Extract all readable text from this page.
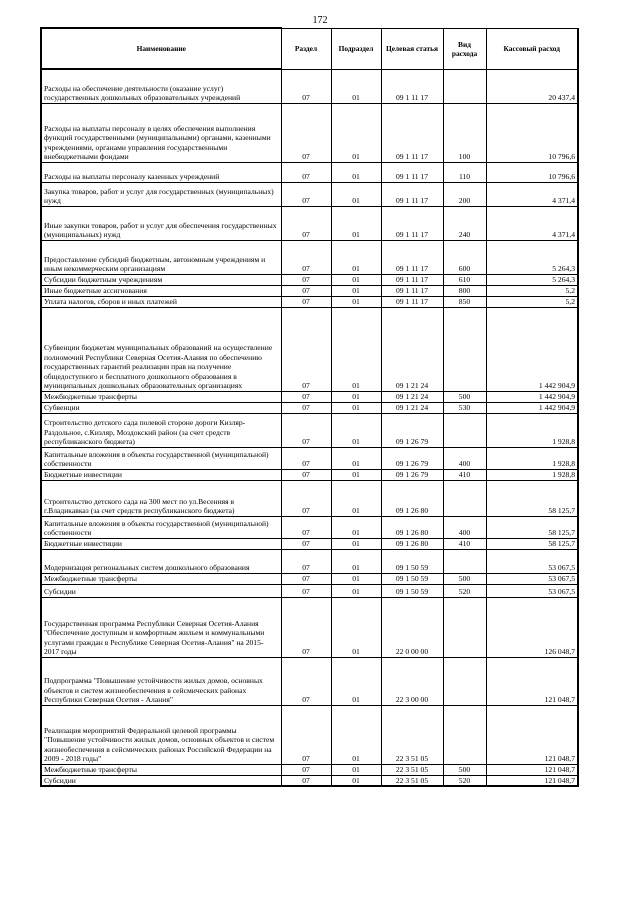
172
Наименование	Раздел	Подраздел	Целевая статья	Вид расхода	Кассовый расход
Расходы на обеспечение деятельности (оказание услуг) государственных дошкольных образовательных учреждений	07	01	09 1 11 17		20 437,4
Расходы на выплаты персоналу в целях обеспечения выполнения функций государственными (муниципальными) органами, казенными учреждениями, органами управления государственными внебюджетными фондами	07	01	09 1 11 17	100	10 796,6
Расходы на выплаты персоналу казенных учреждений	07	01	09 1 11 17	110	10 796,6
Закупка товаров, работ и услуг для государственных (муниципальных) нужд	07	01	09 1 11 17	200	4 371,4
Иные закупки товаров, работ и услуг для обеспечения государственных (муниципальных) нужд	07	01	09 1 11 17	240	4 371,4
Предоставление субсидий бюджетным, автономным учреждениям и иным некоммерческим организациям	07	01	09 1 11 17	600	5 264,3
Субсидии бюджетным учреждениям	07	01	09 1 11 17	610	5 264,3
Иные бюджетные ассигнования	07	01	09 1 11 17	800	5,2
Уплата налогов, сборов и иных платежей	07	01	09 1 11 17	850	5,2
Субвенции бюджетам муниципальных образований на осуществление полномочий Республики Северная Осетия-Алания по обеспечению государственных гарантий реализации прав на получение общедоступного и бесплатного дошкольного образования в муниципальных дошкольных образовательных организациях	07	01	09 1 21 24		1 442 904,9
Межбюджетные трансферты	07	01	09 1 21 24	500	1 442 904,9
Субвенции	07	01	09 1 21 24	530	1 442 904,9
Строительство детского сада полевой стороне дороги Кизляр-Раздольное, с.Кизляр, Моздокский район (за счет средств республиканского бюджета)	07	01	09 1 26 79		1 928,8
Капитальные вложения в объекты государственной (муниципальной) собственности	07	01	09 1 26 79	400	1 928,8
Бюджетные инвестиции	07	01	09 1 26 79	410	1 928,8
Строительство детского сада на 300 мест по ул.Весенняя в г.Владикавказ (за счет средств республиканского бюджета)	07	01	09 1 26 80		58 125,7
Капитальные вложения в объекты государственной (муниципальной) собственности	07	01	09 1 26 80	400	58 125,7
Бюджетные инвестиции	07	01	09 1 26 80	410	58 125,7
Модернизация региональных систем дошкольного образования	07	01	09 1 50 59		53 067,5
Межбюджетные трансферты	07	01	09 1 50 59	500	53 067,5
Субсидии	07	01	09 1 50 59	520	53 067,5
Государственная программа Республики Северная Осетия-Алания "Обеспечение доступным и комфортным жильем и коммунальными услугами граждан в Республике Северная Осетия-Алания" на 2015-2017 годы	07	01	22 0 00 00		126 048,7
Подпрограмма "Повышение устойчивости жилых домов, основных объектов и систем жизнеобеспечения в сейсмических районах Республики Северная Осетия - Алания"	07	01	22 3 00 00		121 048,7
Реализация мероприятий Федеральной целевой программы "Повышение устойчивости жилых домов, основных объектов и систем жизнеобеспечения в сейсмических районах Российской Федерации на 2009 - 2018 годы"	07	01	22 3 51 05		121 048,7
Межбюджетные трансферты	07	01	22 3 51 05	500	121 048,7
Субсидии	07	01	22 3 51 05	520	121 048,7
